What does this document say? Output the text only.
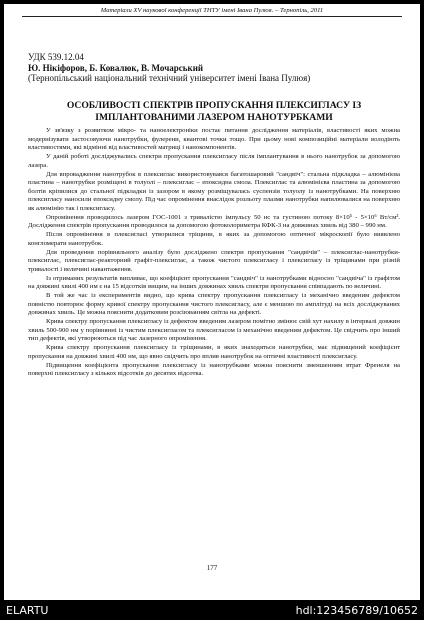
Матеріали XV наукової конференції ТНТУ імені Івана Пулюя. – Тернопіль, 2011
УДК 539.12.04
Ю. Нікіфоров, Б. Ковалюк, В. Мочарський
(Тернопільський національний технічний університет імені Івана Пулюя)
ОСОБЛИВОСТІ СПЕКТРІВ ПРОПУСКАННЯ ПЛЕКСИГЛАСУ ІЗ
ІМПЛАНТОВАНИМИ ЛАЗЕРОМ НАНОТУРБКАМИ

У зв'язку з розвитком мікро- та нанoелектроніки постає питання дослідження матеріалів, властивості яких можна модернізувати застосовуючи нанотрубки, фулерени, квантові точки тощо. При цьому нові композиційні матеріали володіють властивостями, які відмінні від властивостей матриці і нанокомпонентів.

У даній роботі досліджувались спектри пропускання плексигласу після імплантування в нього нанотрубок за допомогою лазера.

Для впровадження нанотрубок в плексиглас використовувався багатошаровий "сандвіч": стальна підкладка – алюмінієва пластина – нанотрубки розміщені в толуолі – плексиглас – епоксидна смола. Плексиглас та алюмінієва пластина за допомогою болтів кріпилися до стальної підкладки із зазором в якому розміщувалась суспензія толуолу із нанотрубками. На поверхню плексигласу наносили епоксидну смолу. Під час опромінення внаслідок розльоту плазми нанотрубки напилювалися на поверхню як алюмінію так і плексигласу.

Опромінення проводилось лазером ГОС-1001 з тривалістю імпульсу 50 нс та густиною потоку 8×10⁵ - 5×10⁶ Вт/см². Дослідження спектрів пропускання проводилося за допомогою фотоколориметра КФК-3 на довжинах хвиль від 380 – 990 нм.

Після опромінення в плексигласі утворилися тріщини, в яких за допомогою оптичної мікроскопії було виявлено конгломерати нанотрубок.

Для проведення порівняльного аналізу було досліджено спектри пропускання "сандвічів" – плексиглас-нанотрубки-плексиглас, плексиглас-реакторний графіт-плексиглас, а також чистого плексигласу і плексигласу із тріщинами при різній тривалості і величині навантаження.

Із отриманих результатів випливає, що коефіцієнт пропускання "сандвіч" із нанотрубками відносно "сандвіча" із графітом на довжині хвилі 400 нм є на 15 відсотків вищим, на інших довжинах хвиль спектри пропускання співпадають по величині.

В той же час із експериментів видно, що крива спектру пропускання плексигласу із механічно введеним дефектом повністю повторює форму кривої спектру пропускання чистого плексигласу, але є меншою по амплітуді на всіх досліджуваних довжинах хвиль. Це можна пояснити додатковим розсіюванням світла на дефекті.

Крива спектру пропускання плексигласу із дефектом введеним лазером помітно змінює свій хут нахилу в інтервалі довжин хвиль 500-900 нм у порівнянні із чистим плексигласом та плексигласом із механічно введеним дефектом. Це свідчить про інший тип дефектів, які утворюються під час лазерного опромінення.

Крива спектру пропускання плексигласу із тріщинами, в яких знаходяться нанотрубки, має підвищений коефіцієнт пропускання на довжині хвилі 400 нм, що явно свідчить про вплив нанотрубок на оптичні властивості плексигласу.

Підвищення коефіцієнта пропускання плексигласу із нанотрубками можна пояснити зменшенням втрат Френеля на поверхні плексигласу з кількох відсотків до десятих відсотка.

177
ELARTU	hdl:123456789/10652
